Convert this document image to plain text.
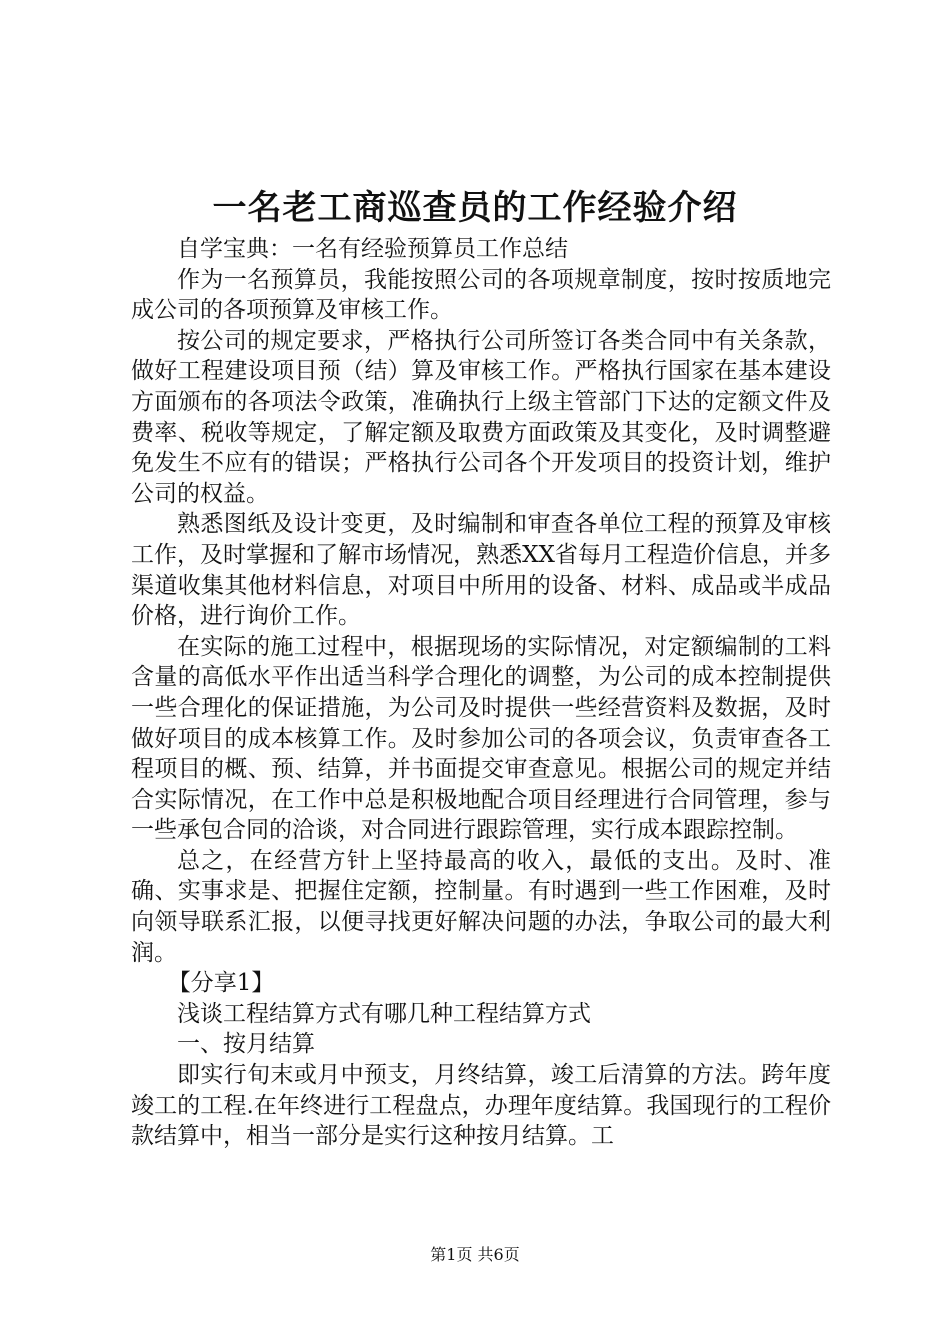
一名老工商巡查员的工作经验介绍

自学宝典：一名有经验预算员工作总结

作为一名预算员，我能按照公司的各项规章制度，按时按质地完成公司的各项预算及审核工作。

按公司的规定要求，严格执行公司所签订各类合同中有关条款，做好工程建设项目预（结）算及审核工作。严格执行国家在基本建设方面颁布的各项法令政策，准确执行上级主管部门下达的定额文件及费率、税收等规定，了解定额及取费方面政策及其变化，及时调整避免发生不应有的错误；严格执行公司各个开发项目的投资计划，维护公司的权益。

熟悉图纸及设计变更，及时编制和审查各单位工程的预算及审核工作，及时掌握和了解市场情况，熟悉XX省每月工程造价信息，并多渠道收集其他材料信息，对项目中所用的设备、材料、成品或半成品价格，进行询价工作。

在实际的施工过程中，根据现场的实际情况，对定额编制的工料含量的高低水平作出适当科学合理化的调整，为公司的成本控制提供一些合理化的保证措施，为公司及时提供一些经营资料及数据，及时做好项目的成本核算工作。及时参加公司的各项会议，负责审查各工程项目的概、预、结算，并书面提交审查意见。根据公司的规定并结合实际情况，在工作中总是积极地配合项目经理进行合同管理，参与一些承包合同的洽谈，对合同进行跟踪管理，实行成本跟踪控制。

总之，在经营方针上坚持最高的收入，最低的支出。及时、准确、实事求是、把握住定额，控制量。有时遇到一些工作困难，及时向领导联系汇报，以便寻找更好解决问题的办法，争取公司的最大利润。

【分享1】

浅谈工程结算方式有哪几种工程结算方式

一、按月结算

即实行旬末或月中预支，月终结算，竣工后清算的方法。跨年度竣工的工程.在年终进行工程盘点，办理年度结算。我国现行的工程价款结算中，相当一部分是实行这种按月结算。工

第1页 共6页
